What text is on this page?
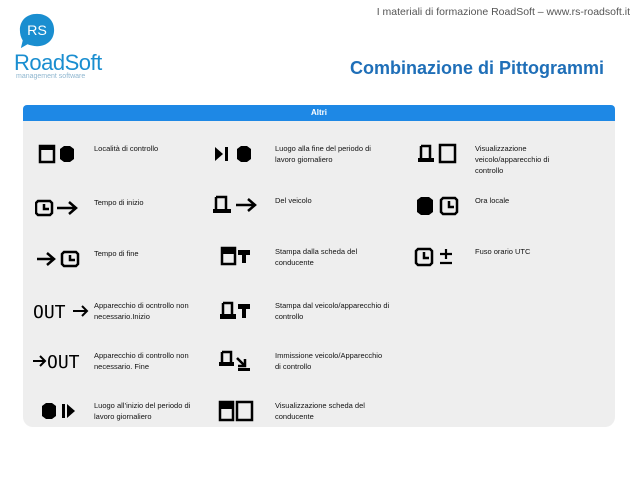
I materiali di formazione RoadSoft – www.rs-roadsoft.it
RS
RoadSoft
management software	Combinazione di Pittogrammi
Altri
Località di controllo
Tempo di inizio
Tempo di fine
OUT	Apparecchio di ocntrollo non necessario.Inizio
OUT Apparecchio di controllo non necessario. Fine
Luogo all’inizio del periodo di lavoro giornaliero
Luogo alla fine del periodo di lavoro giornaliero
Del veicolo
Stampa dalla scheda del conducente
Stampa dal veicolo/apparecchio di controllo
Immissione veicolo/Apparecchio di controllo
Visualizzazione scheda del conducente
Visualizzazione veicolo/apparecchio di controllo
Ora locale
Fuso orario UTC
